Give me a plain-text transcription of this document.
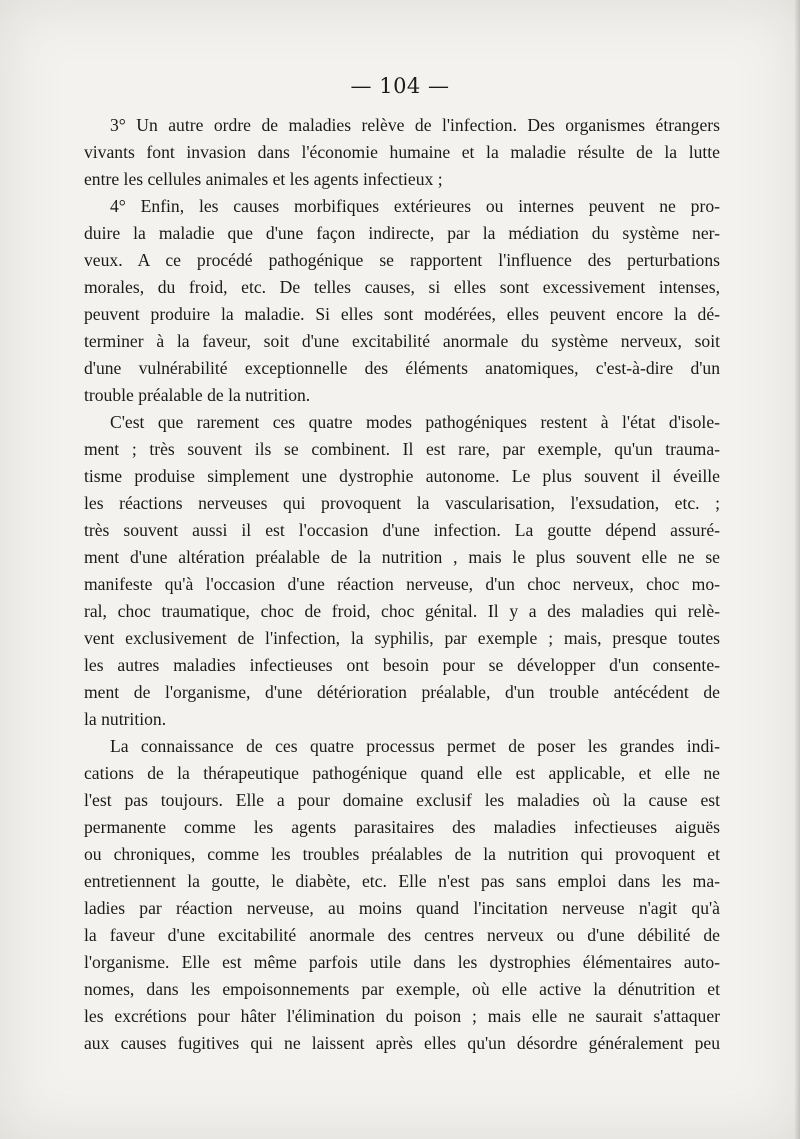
— 104 —
3° Un autre ordre de maladies relève de l'infection. Des organismes étrangers
vivants font invasion dans l'économie humaine et la maladie résulte de la lutte
entre les cellules animales et les agents infectieux ;
4° Enfin, les causes morbifiques extérieures ou internes peuvent ne pro-
duire la maladie que d'une façon indirecte, par la médiation du système ner-
veux. A ce procédé pathogénique se rapportent l'influence des perturbations
morales, du froid, etc. De telles causes, si elles sont excessivement intenses,
peuvent produire la maladie. Si elles sont modérées, elles peuvent encore la dé-
terminer à la faveur, soit d'une excitabilité anormale du système nerveux, soit
d'une vulnérabilité exceptionnelle des éléments anatomiques, c'est-à-dire d'un
trouble préalable de la nutrition.
C'est que rarement ces quatre modes pathogéniques restent à l'état d'isole-
ment ; très souvent ils se combinent. Il est rare, par exemple, qu'un trauma-
tisme produise simplement une dystrophie autonome. Le plus souvent il éveille
les réactions nerveuses qui provoquent la vascularisation, l'exsudation, etc. ;
très souvent aussi il est l'occasion d'une infection. La goutte dépend assuré-
ment d'une altération préalable de la nutrition , mais le plus souvent elle ne se
manifeste qu'à l'occasion d'une réaction nerveuse, d'un choc nerveux, choc mo-
ral, choc traumatique, choc de froid, choc génital. Il y a des maladies qui relè-
vent exclusivement de l'infection, la syphilis, par exemple ; mais, presque toutes
les autres maladies infectieuses ont besoin pour se développer d'un consente-
ment de l'organisme, d'une détérioration préalable, d'un trouble antécédent de
la nutrition.
La connaissance de ces quatre processus permet de poser les grandes indi-
cations de la thérapeutique pathogénique quand elle est applicable, et elle ne
l'est pas toujours. Elle a pour domaine exclusif les maladies où la cause est
permanente comme les agents parasitaires des maladies infectieuses aiguës
ou chroniques, comme les troubles préalables de la nutrition qui provoquent et
entretiennent la goutte, le diabète, etc. Elle n'est pas sans emploi dans les ma-
ladies par réaction nerveuse, au moins quand l'incitation nerveuse n'agit qu'à
la faveur d'une excitabilité anormale des centres nerveux ou d'une débilité de
l'organisme. Elle est même parfois utile dans les dystrophies élémentaires auto-
nomes, dans les empoisonnements par exemple, où elle active la dénutrition et
les excrétions pour hâter l'élimination du poison ; mais elle ne saurait s'attaquer
aux causes fugitives qui ne laissent après elles qu'un désordre généralement peu
